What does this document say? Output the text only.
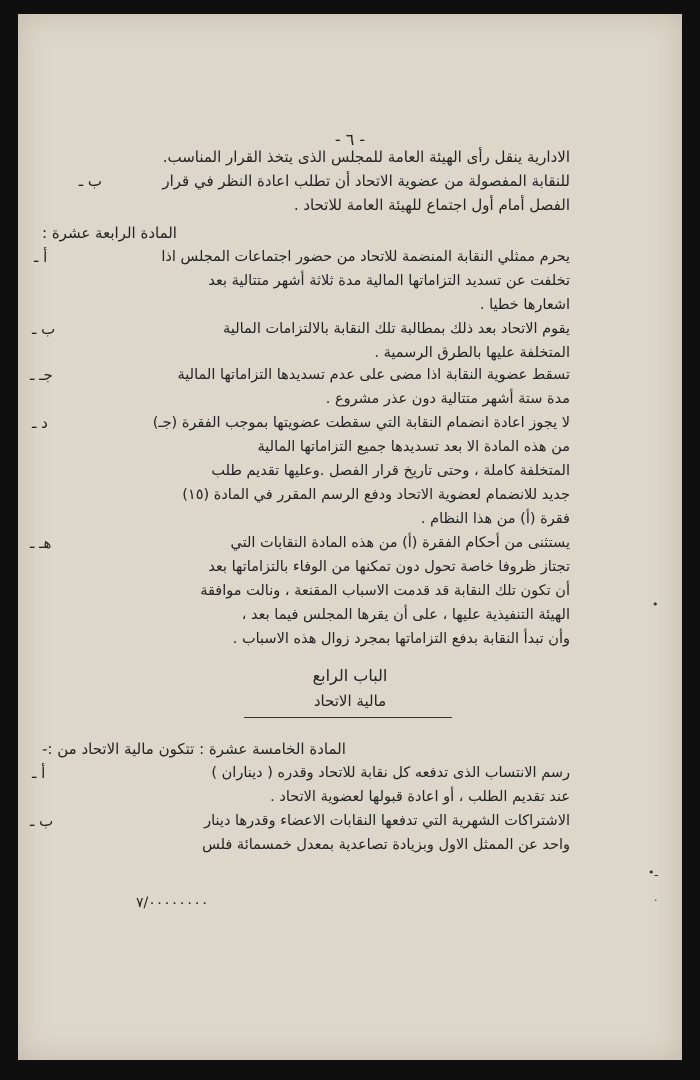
- ٦ -
الادارية ينقل رأى الهيئة العامة للمجلس الذى يتخذ القرار المناسب.
ب ـ	للنقابة المفصولة من عضوية الاتحاد أن تطلب اعادة النظر في قرار
الفصل أمام أول اجتماع للهيئة العامة للاتحاد .
المادة الرابعة عشرة :
أ ـ	يحرم ممثلي النقابة المنضمة للاتحاد من حضور اجتماعات المجلس اذا
تخلفت عن تسديد التزاماتها المالية مدة ثلاثة أشهر متتالية بعد
اشعارها خطيا .
ب ـ	يقوم الاتحاد بعد ذلك بمطالبة تلك النقابة بالالتزامات المالية
المتخلفة عليها بالطرق الرسمية .
جـ ـ	تسقط عضوية النقابة اذا مضى على عدم تسديدها التزاماتها المالية
مدة ستة أشهر متتالية دون عذر مشروع .
د ـ	لا يجوز اعادة انضمام النقابة التي سقطت عضويتها بموجب الفقرة (جـ)
من هذه المادة الا بعد تسديدها جميع التزاماتها المالية
المتخلفة كاملة ، وحتى تاريخ قرار الفصل .وعليها تقديم طلب
جديد للانضمام لعضوية الاتحاد ودفع الرسم المقرر في المادة (١٥)
فقرة (أ) من هذا النظام .
هـ ـ	يستثنى من أحكام الفقرة (أ) من هذه المادة النقابات التي
تجتاز ظروفا خاصة تحول دون تمكنها من الوفاء بالتزاماتها بعد
أن تكون تلك النقابة قد قدمت الاسباب المقنعة ، ونالت موافقة
الهيئة التنفيذية عليها ، على أن يقرها المجلس فيما بعد ،
وأن تبدأ النقابة بدفع التزاماتها بمجرد زوال هذه الاسباب .
الباب الرابع
مالية الاتحاد
المادة الخامسة عشرة : تتكون مالية الاتحاد من :-
أ ـ	رسم الانتساب الذى تدفعه كل نقابة للاتحاد وقدره ( ديناران )
عند تقديم الطلب ، أو اعادة قبولها لعضوية الاتحاد .
ب ـ	الاشتراكات الشهرية التي تدفعها النقابات الاعضاء وقدرها دينار
واحد عن الممثل الاول وبزيادة تصاعدية بمعدل خمسمائة فلس
٧/٠٠٠٠٠٠٠٠
•
ـ•
·
